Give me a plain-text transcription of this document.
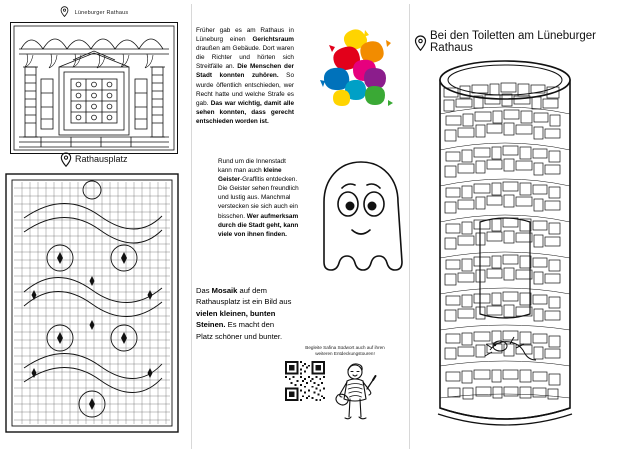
Lüneburger Rathaus
Rathausplatz

Früher gab es am Rathaus in Lüneburg einen Gerichtsraum draußen am Gebäude. Dort waren die Richter und hörten sich Streitfälle an. Die Menschen der Stadt konnten zuhören. So wurde öffentlich entschieden, wer Recht hatte und welche Strafe es gab. Das war wichtig, damit alle sehen konnten, dass gerecht entschieden worden ist.

Rund um die Innenstadt kann man auch kleine Geister-Graffitis entdecken. Die Geister sehen freundlich und lustig aus. Manchmal verstecken sie sich auch ein bisschen. Wer aufmerksam durch die Stadt geht, kann viele von ihnen finden.

Das Mosaik auf dem Rathausplatz ist ein Bild aus vielen kleinen, bunten Steinen. Es macht den Platz schöner und bunter.

Begleite Safina Südwort auch auf ihren
weiteren Entdeckungstouren!
Bei den Toiletten am Lüneburger Rathaus
